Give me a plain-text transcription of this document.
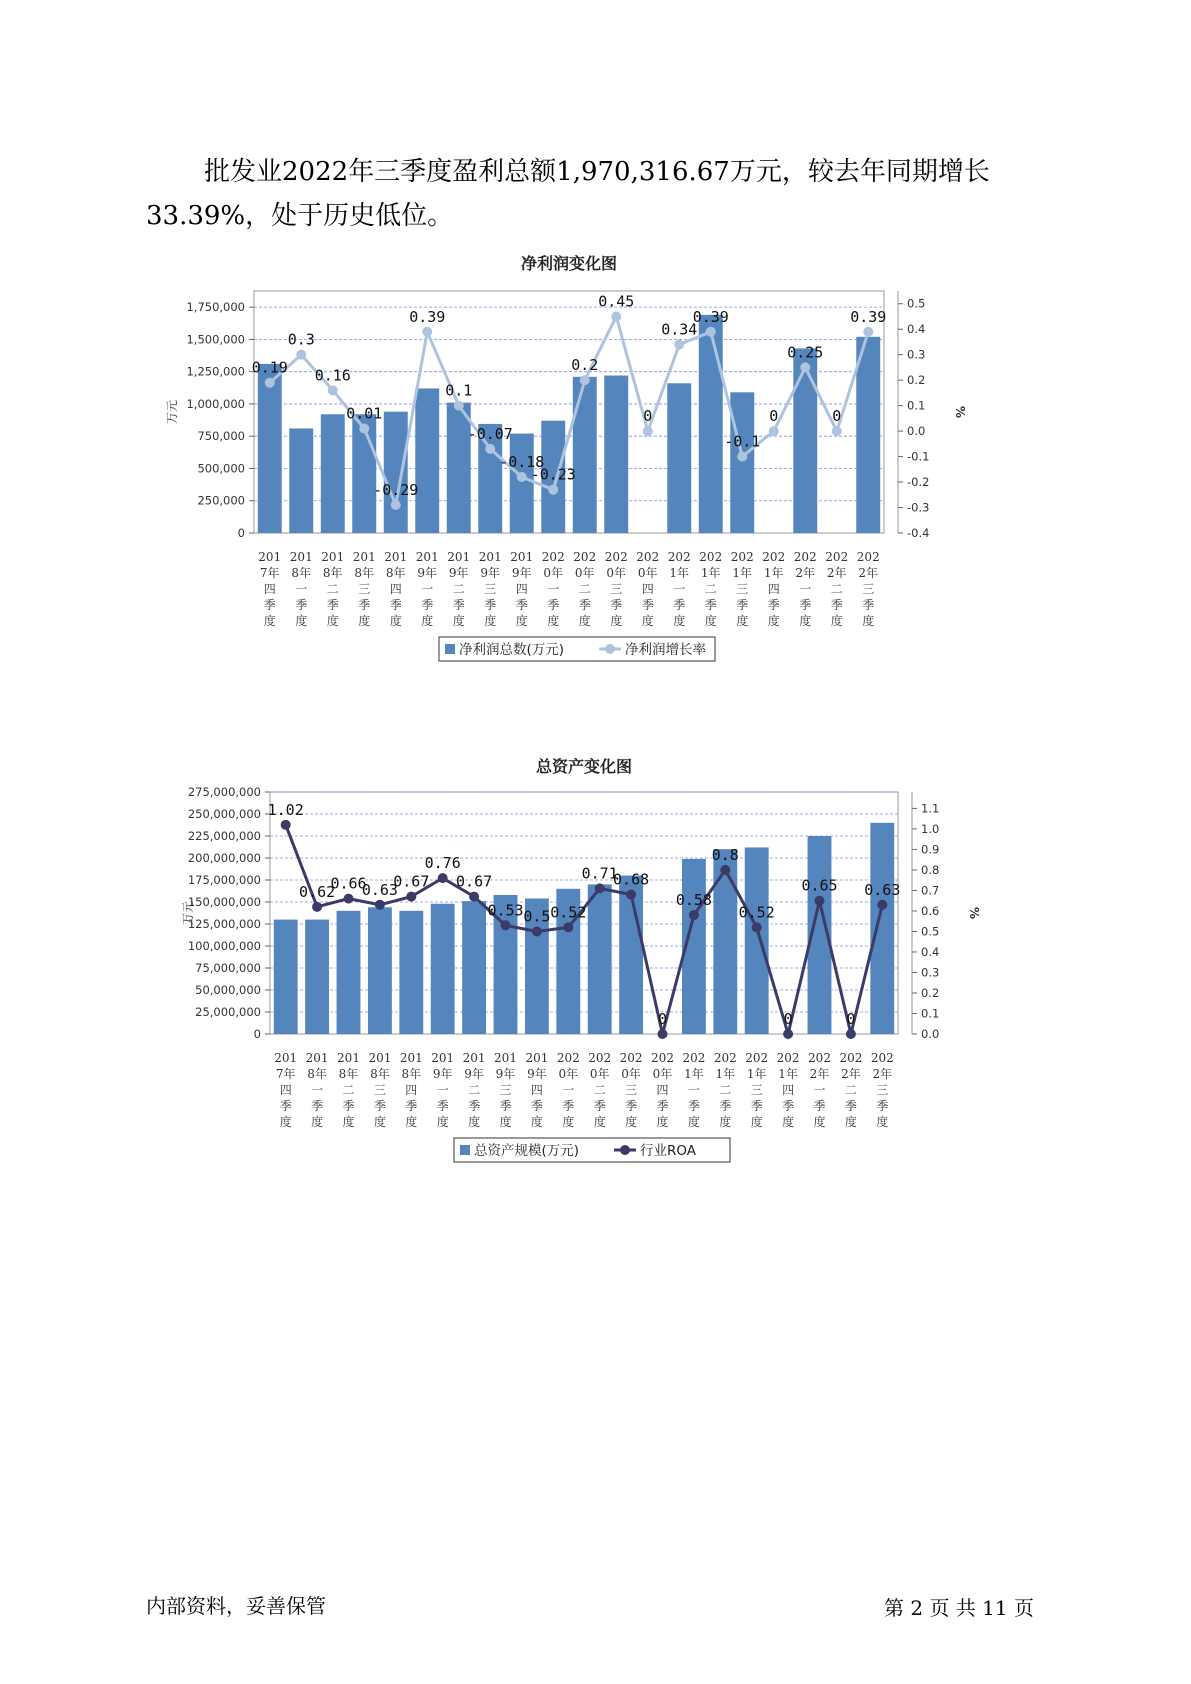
批发业2022年三季度盈利总额1,970,316.67万元，较去年同期增长
33.39%，处于历史低位。
净利润变化图
0
250,000
500,000
750,000
1,000,000
1,250,000
1,500,000
1,750,000
-0.4
-0.3
-0.2
-0.1
0.0
0.1
0.2
0.3
0.4
0.5
万元	%
201
7年
四
季
度
201
8年
一
季
度
201
8年
二
季
度
201
8年
三
季
度
201
8年
四
季
度
201
9年
一
季
度
201
9年
二
季
度
201
9年
三
季
度
201
9年
四
季
度
202
0年
一
季
度
202
0年
二
季
度
202
0年
三
季
度
202
0年
四
季
度
202
1年
一
季
度
202
1年
二
季
度
202
1年
三
季
度
202
1年
四
季
度
202
2年
一
季
度
202
2年
二
季
度
202
2年
三
季
度
0.19
0.3
0.16
0.01
-0.29
0.39
0.1
-0.07
-0.18
-0.23
0.2
0.45
0
0.34
0.39
-0.1
0
0.25
0
0.39
净利润总数(万元)	净利润增长率
总资产变化图
0
25,000,000
50,000,000
75,000,000
100,000,000
125,000,000
150,000,000
175,000,000
200,000,000
225,000,000
250,000,000
275,000,000
0.0
0.1
0.2
0.3
0.4
0.5
0.6
0.7
0.8
0.9
1.0
1.1
万元	%
201
7年
四
季
度
201
8年
一
季
度
201
8年
二
季
度
201
8年
三
季
度
201
8年
四
季
度
201
9年
一
季
度
201
9年
二
季
度
201
9年
三
季
度
201
9年
四
季
度
202
0年
一
季
度
202
0年
二
季
度
202
0年
三
季
度
202
0年
四
季
度
202
1年
一
季
度
202
1年
二
季
度
202
1年
三
季
度
202
1年
四
季
度
202
2年
一
季
度
202
2年
二
季
度
202
2年
三
季
度
1.02
0.62
0.66
0.63
0.67
0.76
0.67
0.53 0.5 0.52
0.71
0.68
0
0.58
0.8
0.52
0
0.65
0
0.63
总资产规模(万元)	行业ROA
内部资料，妥善保管	第 2 页 共 11 页
